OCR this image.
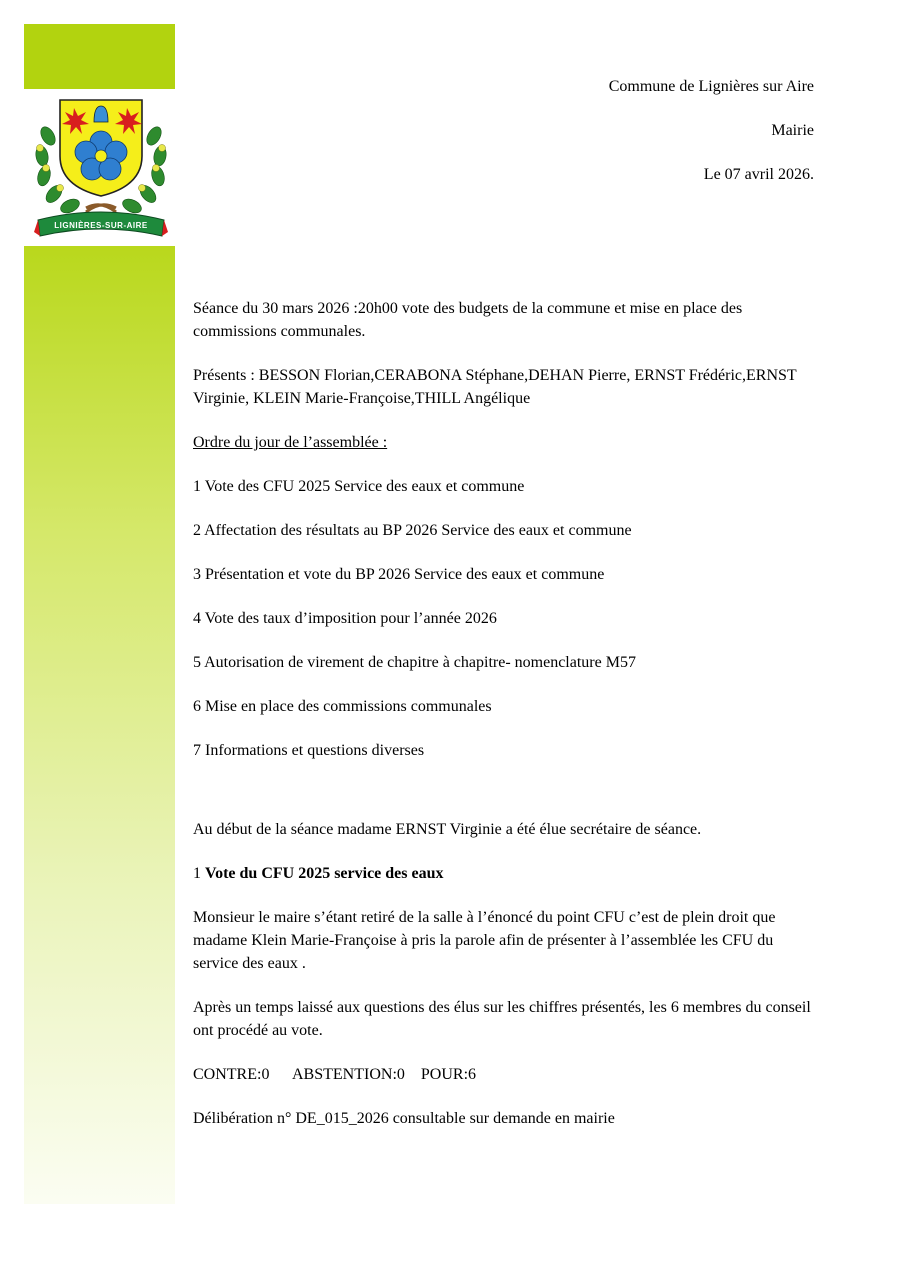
LIGNIÈRES-SUR-AIRE
Commune de Lignières sur Aire
Mairie
Le 07 avril 2026.

Séance du 30 mars 2026 :20h00 vote des budgets de la commune et mise en place des commissions communales.

Présents : BESSON Florian,CERABONA Stéphane,DEHAN Pierre, ERNST Frédéric,ERNST Virginie, KLEIN Marie-Françoise,THILL Angélique

Ordre du jour de l’assemblée :

1 Vote des CFU 2025 Service des eaux et commune

2 Affectation des résultats au BP 2026 Service des eaux et commune

3 Présentation et vote du BP 2026 Service des eaux et commune

4 Vote des taux d’imposition pour l’année 2026

5 Autorisation de virement de chapitre à chapitre- nomenclature M57

6 Mise en place des commissions communales

7 Informations et questions diverses

Au début de la séance madame ERNST Virginie a été élue secrétaire de séance.

1 Vote du CFU 2025 service des eaux

Monsieur le maire s’étant retiré de la salle à l’énoncé du point CFU c’est de plein droit que madame Klein Marie-Françoise à pris la parole afin de présenter à l’assemblée les CFU du service des eaux .

Après un temps laissé aux questions des élus sur les chiffres présentés, les 6 membres du conseil ont procédé au vote.

CONTRE:0 ABSTENTION:0 POUR:6

Délibération n° DE_015_2026 consultable sur demande en mairie
